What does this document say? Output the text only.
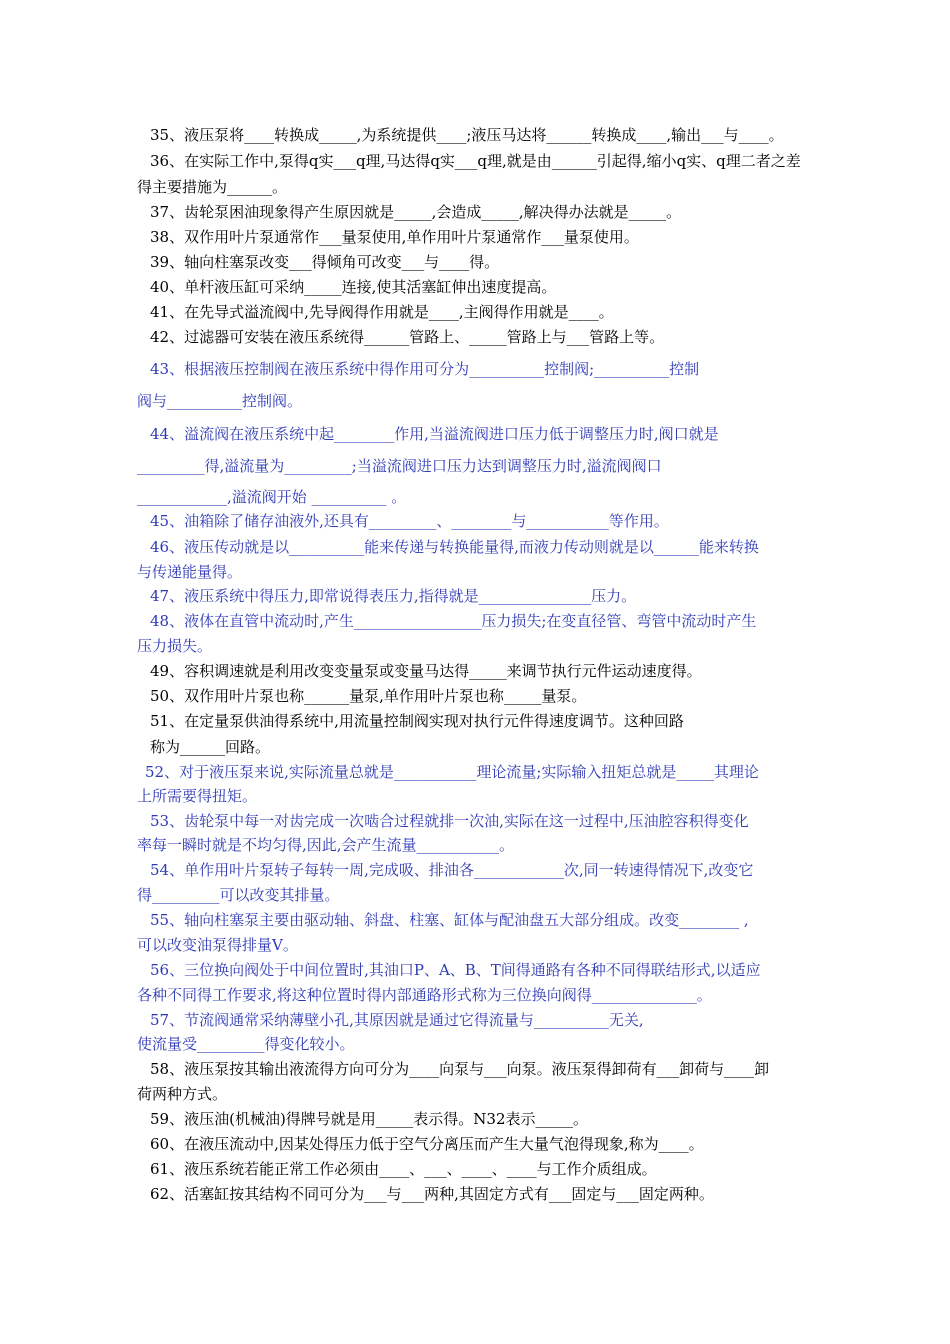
35、液压泵将____转换成_____,为系统提供____;液压马达将______转换成____,输出___与____。
36、在实际工作中,泵得q实___q理,马达得q实___q理,就是由______引起得,缩小q实、q理二者之差
得主要措施为______。
37、齿轮泵困油现象得产生原因就是_____,会造成_____,解决得办法就是_____。
38、双作用叶片泵通常作___量泵使用,单作用叶片泵通常作___量泵使用。
39、轴向柱塞泵改变___得倾角可改变___与____得。
40、单杆液压缸可采纳_____连接,使其活塞缸伸出速度提高。
41、在先导式溢流阀中,先导阀得作用就是____,主阀得作用就是____。
42、过滤器可安装在液压系统得______管路上、_____管路上与___管路上等。
43、根据液压控制阀在液压系统中得作用可分为__________控制阀;__________控制
阀与__________控制阀。
44、溢流阀在液压系统中起________作用,当溢流阀进口压力低于调整压力时,阀口就是
_________得,溢流量为_________;当溢流阀进口压力达到调整压力时,溢流阀阀口
____________,溢流阀开始 __________ 。
45、油箱除了储存油液外,还具有_________、________与___________等作用。
46、液压传动就是以__________能来传递与转换能量得,而液力传动则就是以______能来转换
与传递能量得。
47、液压系统中得压力,即常说得表压力,指得就是_______________压力。
48、液体在直管中流动时,产生_________________压力损失;在变直径管、弯管中流动时产生
压力损失。
49、容积调速就是利用改变变量泵或变量马达得_____来调节执行元件运动速度得。
50、双作用叶片泵也称______量泵,单作用叶片泵也称_____量泵。
51、在定量泵供油得系统中,用流量控制阀实现对执行元件得速度调节。这种回路
称为______回路。
52、对于液压泵来说,实际流量总就是___________理论流量;实际输入扭矩总就是_____其理论
上所需要得扭矩。
53、齿轮泵中每一对齿完成一次啮合过程就排一次油,实际在这一过程中,压油腔容积得变化
率每一瞬时就是不均匀得,因此,会产生流量___________。
54、单作用叶片泵转子每转一周,完成吸、排油各____________次,同一转速得情况下,改变它
得_________可以改变其排量。
55、轴向柱塞泵主要由驱动轴、斜盘、柱塞、缸体与配油盘五大部分组成。改变________ ,
可以改变油泵得排量V。
56、三位换向阀处于中间位置时,其油口P、A、B、T间得通路有各种不同得联结形式,以适应
各种不同得工作要求,将这种位置时得内部通路形式称为三位换向阀得______________。
57、节流阀通常采纳薄壁小孔,其原因就是通过它得流量与__________无关,
使流量受_________得变化较小。
58、液压泵按其输出液流得方向可分为____向泵与___向泵。液压泵得卸荷有___卸荷与____卸
荷两种方式。
59、液压油(机械油)得牌号就是用_____表示得。N32表示_____。
60、在液压流动中,因某处得压力低于空气分离压而产生大量气泡得现象,称为____。
61、液压系统若能正常工作必须由____、___、____、____与工作介质组成。
62、活塞缸按其结构不同可分为___与___两种,其固定方式有___固定与___固定两种。
